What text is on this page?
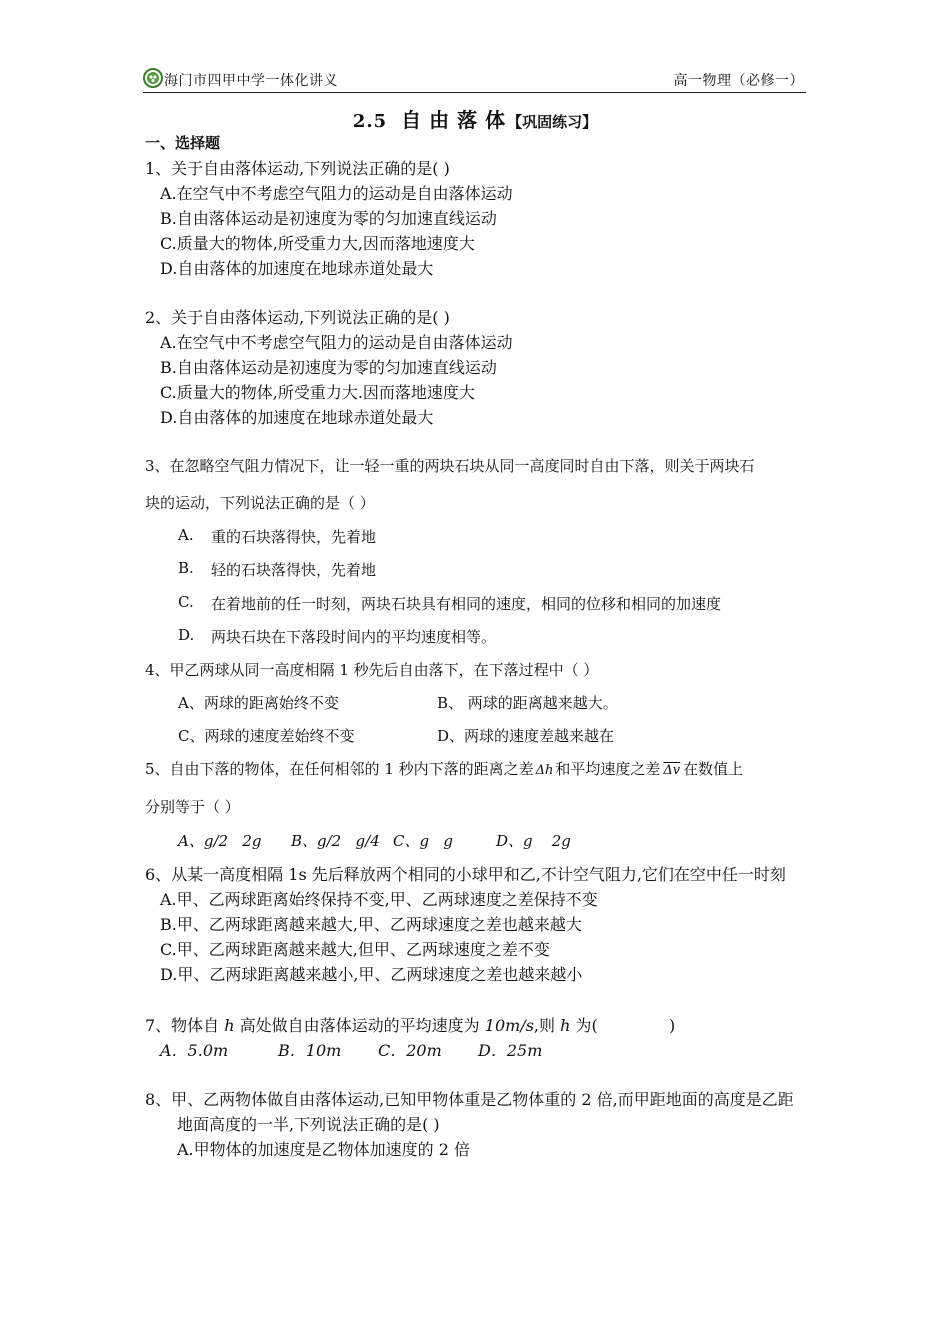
海门市四甲中学一体化讲义	高一物理（必修一）
2.5 自由落体【巩固练习】
一、选择题
1、关于自由落体运动,下列说法正确的是( )
A.在空气中不考虑空气阻力的运动是自由落体运动
B.自由落体运动是初速度为零的匀加速直线运动
C.质量大的物体,所受重力大,因而落地速度大
D.自由落体的加速度在地球赤道处最大
2、关于自由落体运动,下列说法正确的是( )
A.在空气中不考虑空气阻力的运动是自由落体运动
B.自由落体运动是初速度为零的匀加速直线运动
C.质量大的物体,所受重力大.因而落地速度大
D.自由落体的加速度在地球赤道处最大
3、在忽略空气阻力情况下，让一轻一重的两块石块从同一高度同时自由下落，则关于两块石
块的运动，下列说法正确的是（ ）
A. 重的石块落得快，先着地
B. 轻的石块落得快，先着地
C. 在着地前的任一时刻，两块石块具有相同的速度，相同的位移和相同的加速度
D. 两块石块在下落段时间内的平均速度相等。
4、甲乙两球从同一高度相隔 1 秒先后自由落下，在下落过程中（ ）
A、两球的距离始终不变	B、 两球的距离越来越大。
C、两球的速度差始终不变	D、两球的速度差越来越在
5、自由下落的物体，在任何相邻的 1 秒内下落的距离之差 Δh 和平均速度之差 $\overline{\Delta v}$ 在数值上
分别等于（ ）
A、g/2   2g B、g/2   g/4 C、g   g	D、g    2g
6、从某一高度相隔 1s 先后释放两个相同的小球甲和乙,不计空气阻力,它们在空中任一时刻
A.甲、乙两球距离始终保持不变,甲、乙两球速度之差保持不变
B.甲、乙两球距离越来越大,甲、乙两球速度之差也越来越大
C.甲、乙两球距离越来越大,但甲、乙两球速度之差不变
D.甲、乙两球距离越来越小,甲、乙两球速度之差也越来越小
7、物体自 h 高处做自由落体运动的平均速度为 10m/s,则 h 为(              )
A．5.0m	B．10m C．20m D．25m
8、甲、乙两物体做自由落体运动,已知甲物体重是乙物体重的 2 倍,而甲距地面的高度是乙距
地面高度的一半,下列说法正确的是( )
A.甲物体的加速度是乙物体加速度的 2 倍
